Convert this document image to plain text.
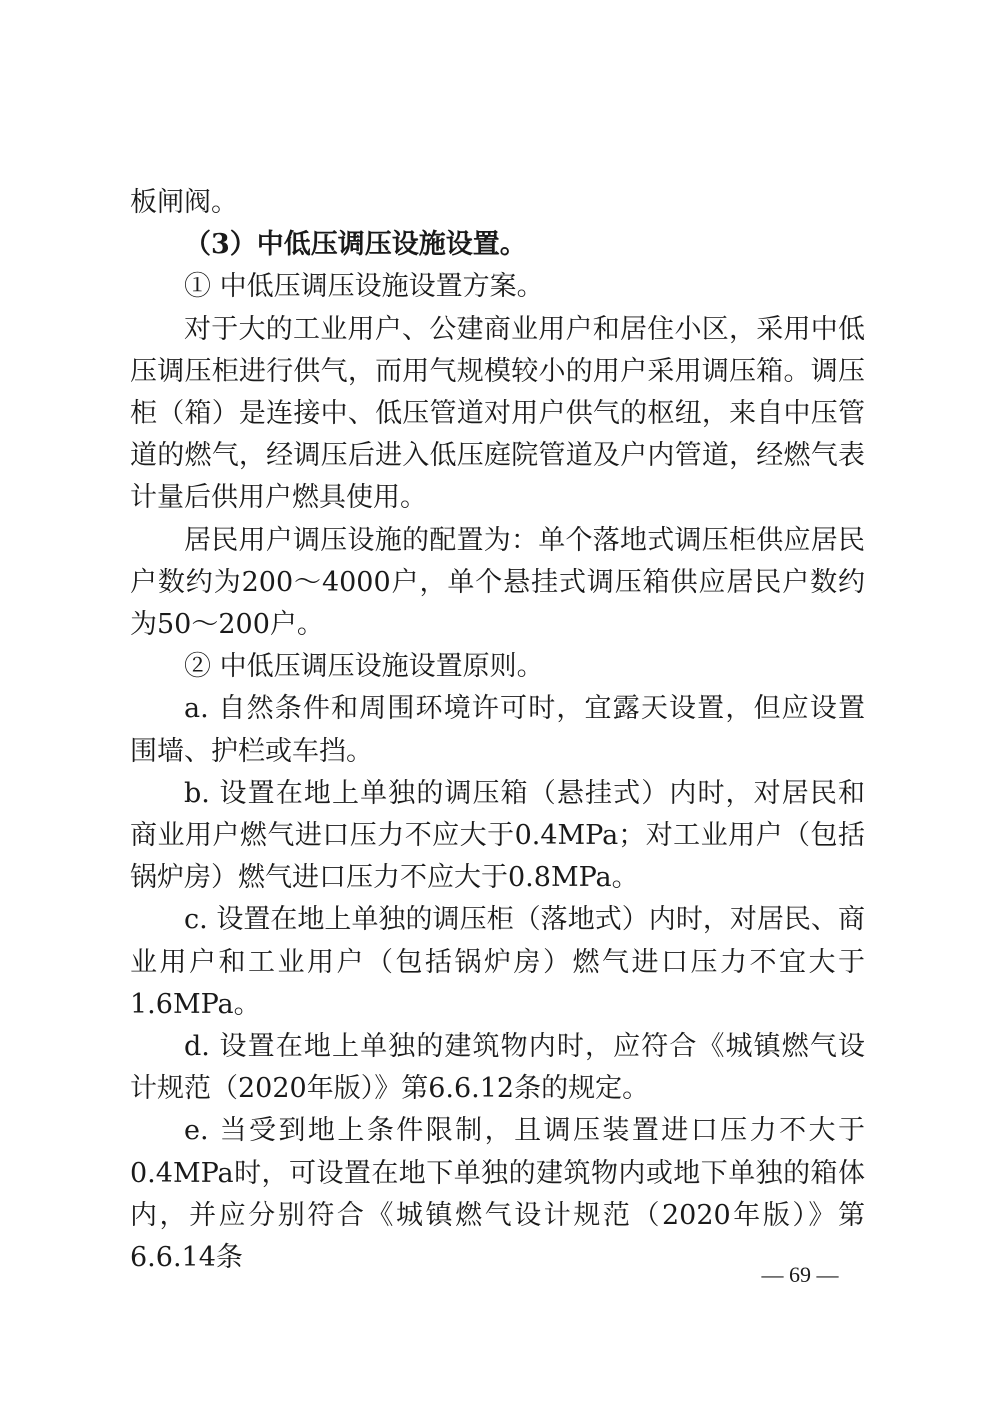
板闸阀。

（3）中低压调压设施设置。

① 中低压调压设施设置方案。

对于大的工业用户、公建商业用户和居住小区，采用中低压调压柜进行供气，而用气规模较小的用户采用调压箱。调压柜（箱）是连接中、低压管道对用户供气的枢纽，来自中压管道的燃气，经调压后进入低压庭院管道及户内管道，经燃气表计量后供用户燃具使用。

居民用户调压设施的配置为：单个落地式调压柜供应居民户数约为200～4000户，单个悬挂式调压箱供应居民户数约为50～200户。

② 中低压调压设施设置原则。

a. 自然条件和周围环境许可时，宜露天设置，但应设置围墙、护栏或车挡。

b. 设置在地上单独的调压箱（悬挂式）内时，对居民和商业用户燃气进口压力不应大于0.4MPa；对工业用户（包括锅炉房）燃气进口压力不应大于0.8MPa。

c. 设置在地上单独的调压柜（落地式）内时，对居民、商业用户和工业用户（包括锅炉房）燃气进口压力不宜大于1.6MPa。

d. 设置在地上单独的建筑物内时，应符合《城镇燃气设计规范（2020年版）》第6.6.12条的规定。

e. 当受到地上条件限制，且调压装置进口压力不大于0.4MPa时，可设置在地下单独的建筑物内或地下单独的箱体内，并应分别符合《城镇燃气设计规范（2020年版）》第6.6.14条

— 69 —
